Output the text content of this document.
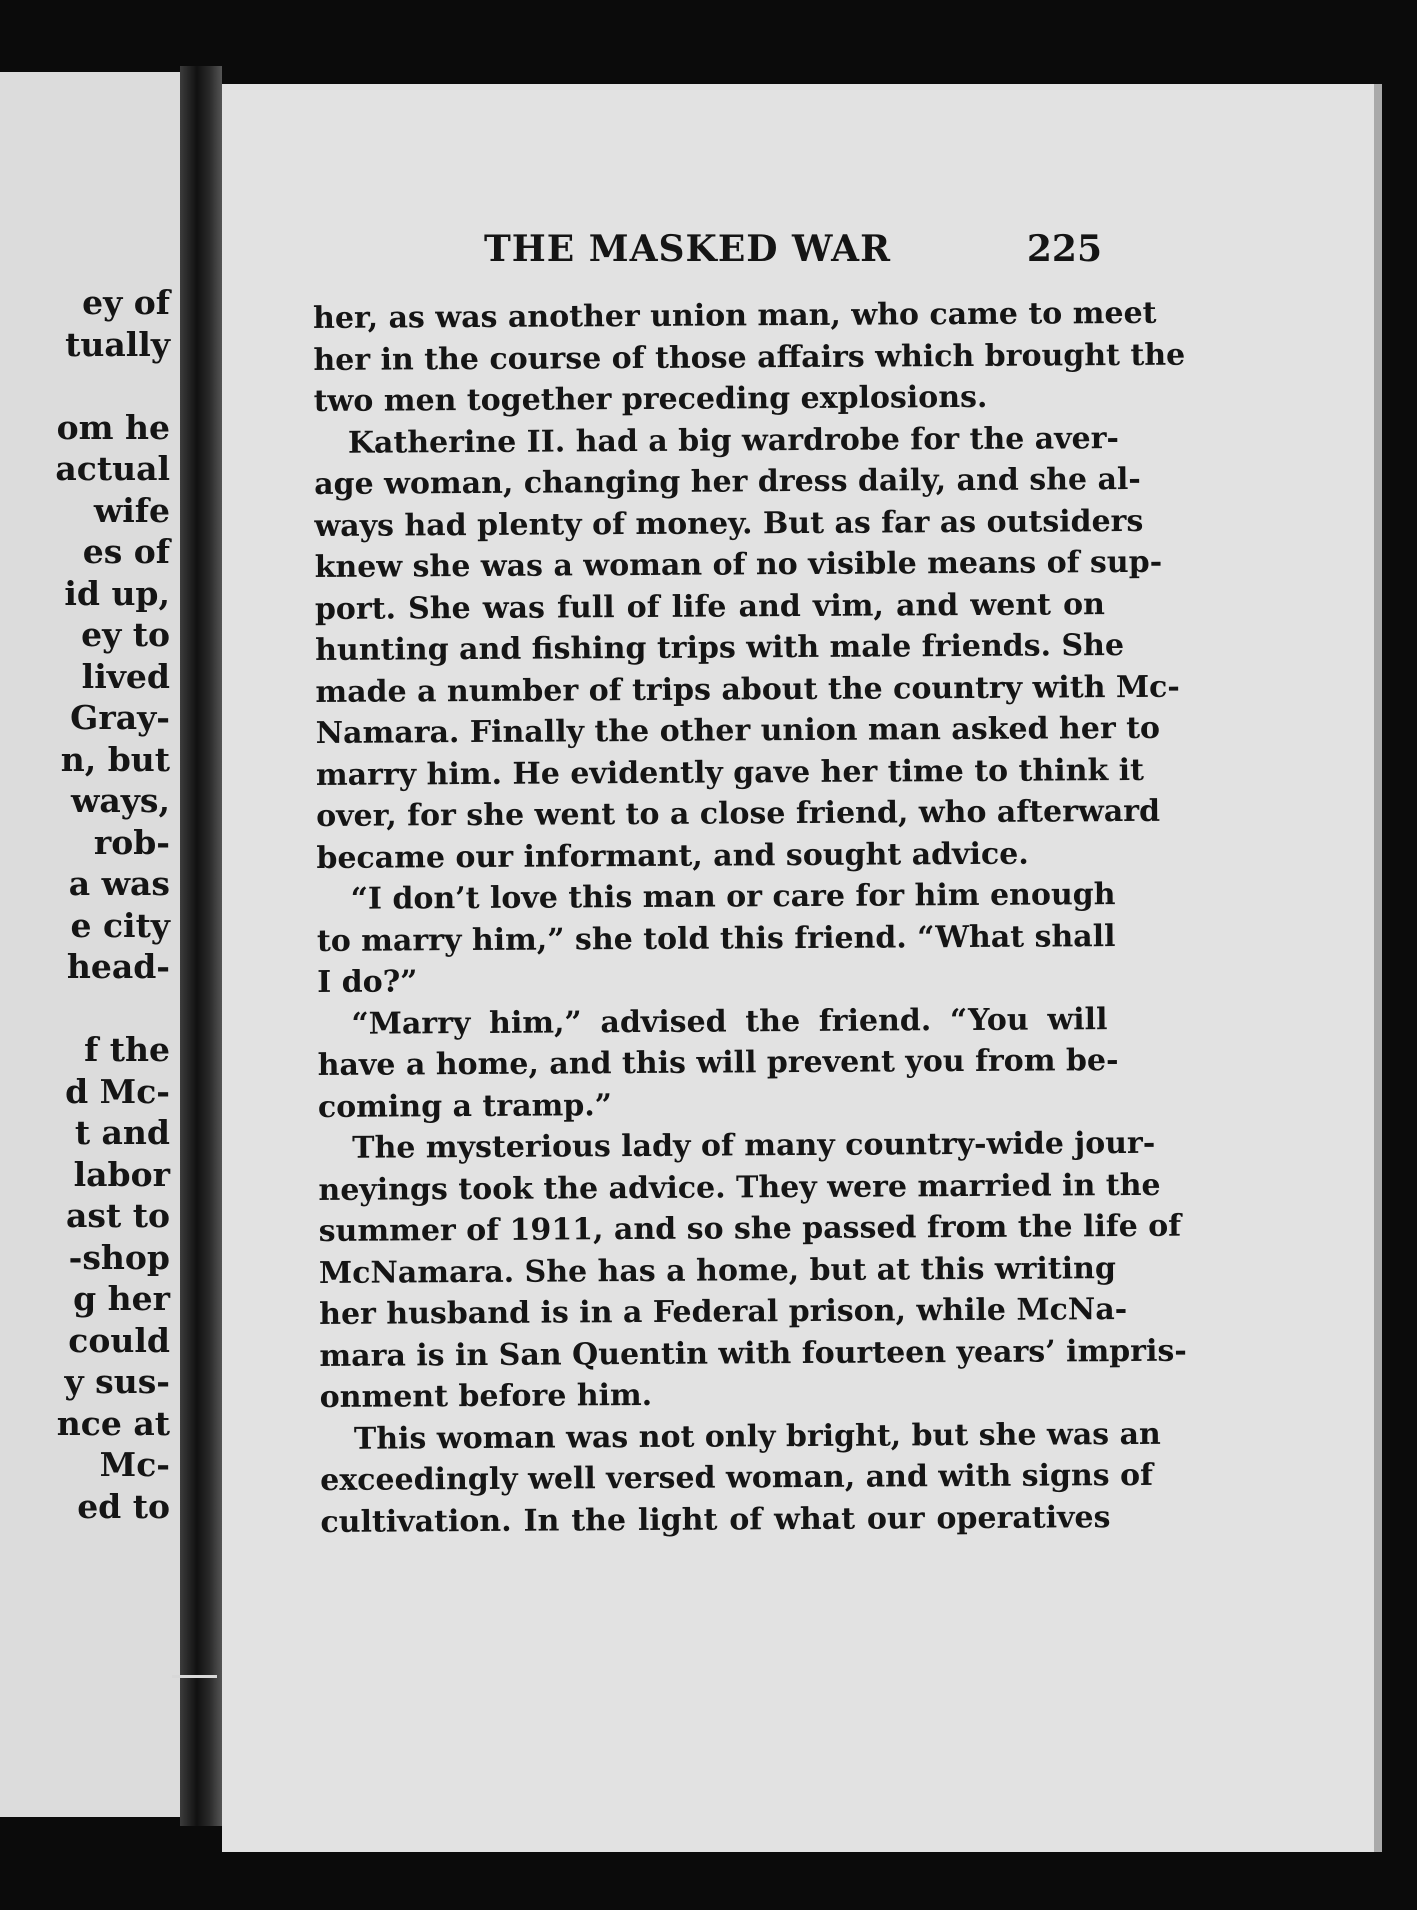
ey of
tually
om he
actual
wife
es of
id up,
ey to
lived
Gray-
n, but
ways,
rob-
a was
e city
head-
f the
d Mc-
t and
labor
ast to
-shop
g her
could
y sus-
nce at
Mc-
ed to
THE MASKED WAR	225
her, as was another union man, who came to meet
her in the course of those affairs which brought the
two men together preceding explosions.
Katherine II. had a big wardrobe for the aver-
age woman, changing her dress daily, and she al-
ways had plenty of money. But as far as outsiders
knew she was a woman of no visible means of sup-
port. She was full of life and vim, and went on
hunting and fishing trips with male friends. She
made a number of trips about the country with Mc-
Namara. Finally the other union man asked her to
marry him. He evidently gave her time to think it
over, for she went to a close friend, who afterward
became our informant, and sought advice.
“I don’t love this man or care for him enough
to marry him,” she told this friend. “What shall
I do?”
“Marry him,” advised the friend. “You will
have a home, and this will prevent you from be-
coming a tramp.”
The mysterious lady of many country-wide jour-
neyings took the advice. They were married in the
summer of 1911, and so she passed from the life of
McNamara. She has a home, but at this writing
her husband is in a Federal prison, while McNa-
mara is in San Quentin with fourteen years’ impris-
onment before him.
This woman was not only bright, but she was an
exceedingly well versed woman, and with signs of
cultivation. In the light of what our operatives
